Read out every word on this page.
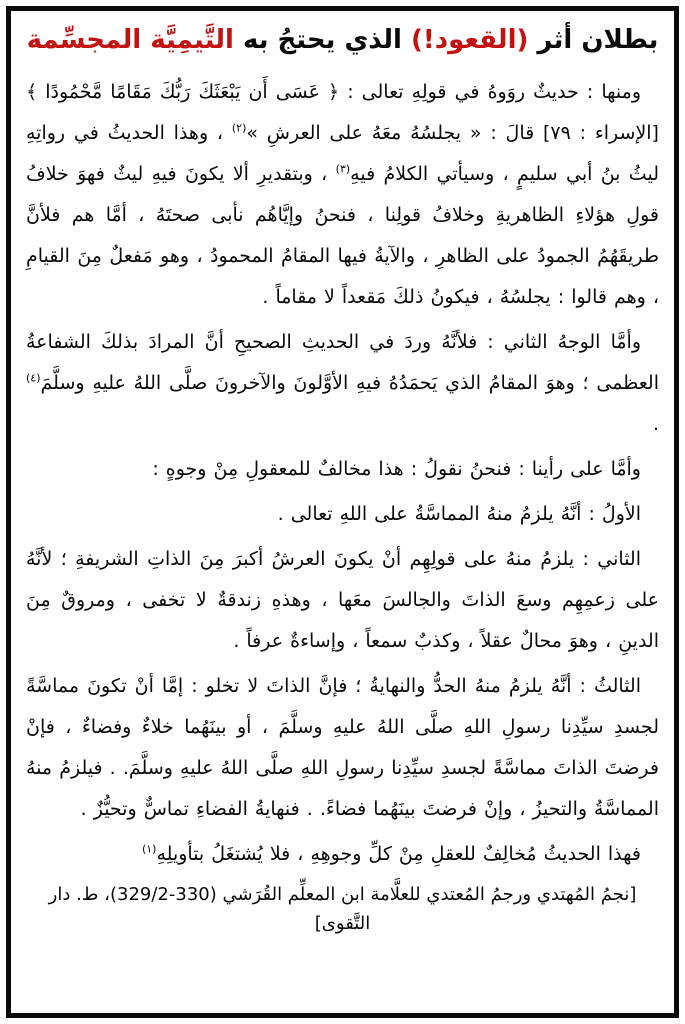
بطلان أثر (القعود!) الذي يحتجُ به التَّيمِيَّة المجسِّمة

ومنها : حديثٌ روَوهُ في قولِهِ تعالى : ﴿ عَسَى أَن يَبْعَثَكَ رَبُّكَ مَقَامًا مَّحْمُودًا ﴾ [الإسراء : ٧٩] قالَ : « يجلسُهُ معَهُ على العرشِ »$^{(٢)}$ ، وهذا الحديثُ في رواتِهِ ليثُ بنُ أبي سليمٍ ، وسيأتي الكلامُ فيهِ$^{(٣)}$ ، وبتقديرِ ألا يكونَ فيهِ ليثٌ فهوَ خلافُ قولِ هؤلاءِ الظاهريةِ وخلافُ قولِنا ، فنحنُ وإيَّاهُم نأبى صحتَهُ ، أمَّا هم فلأنَّ طريقَهُمُ الجمودُ على الظاهرِ ، والآيةُ فيها المقامُ المحمودُ ، وهو مَفعلٌ مِنَ القيامِ ، وهم قالوا : يجلسُهُ ، فيكونُ ذلكَ مَقعداً لا مقاماً .

وأمَّا الوجهُ الثاني : فلأنَّهُ وردَ في الحديثِ الصحيحِ أنَّ المرادَ بذلكَ الشفاعةُ العظمى ؛ وهوَ المقامُ الذي يَحمَدُهُ فيهِ الأوَّلونَ والآخرونَ صلَّى اللهُ عليهِ وسلَّمَ$^{(٤)}$ .

وأمَّا على رأينا : فنحنُ نقولُ : هذا مخالفٌ للمعقولِ مِنْ وجوهٍ :

الأولُ : أنَّهُ يلزمُ منهُ المماسَّةُ على اللهِ تعالى .

الثاني : يلزمُ منهُ على قولِهِم أنْ يكونَ العرشُ أكبرَ مِنَ الذاتِ الشريفةِ ؛ لأنَّهُ على زعمِهِم وسعَ الذاتَ والجالسَ معَها ، وهذهِ زندقةٌ لا تخفى ، ومروقٌ مِنَ الدينِ ، وهوَ محالٌ عقلاً ، وكذبٌ سمعاً ، وإساءةٌ عرفاً .

الثالثُ : أنَّهُ يلزمُ منهُ الحدُّ والنهايةُ ؛ فإنَّ الذاتَ لا تخلو : إمَّا أنْ تكونَ مماسَّةً لجسدِ سيِّدِنا رسولِ اللهِ صلَّى اللهُ عليهِ وسلَّمَ ، أو بينَهُما خلاءٌ وفضاءٌ ، فإنْ فرضتَ الذاتَ مماسَّةً لجسدِ سيِّدِنا رسولِ اللهِ صلَّى اللهُ عليهِ وسلَّمَ. . فيلزمُ منهُ المماسَّةُ والتحيزُ ، وإنْ فرضتَ بينَهُما فضاءً. . فنهايةُ الفضاءِ تماسٌّ وتحيُّزٌ .

فهذا الحديثُ مُخالِفٌ للعقلِ مِنْ كلِّ وجوهِهِ ، فلا يُشتغَلُ بتأويلِهِ$^{(١)}$

[نجمُ المُهتدي ورجمُ المُعتدي للعلَّامة ابن المعلِّم القُرَشي (330-329/2)، ط. دار التَّقوى]
